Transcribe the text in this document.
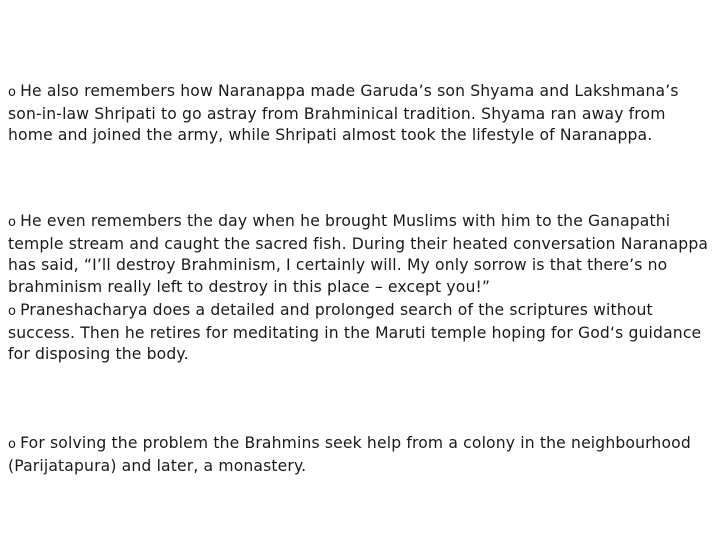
o He also remembers how Naranappa made Garuda’s son Shyama and Lakshmana’s son-in-law Shripati to go astray from Brahminical tradition. Shyama ran away from home and joined the army, while Shripati almost took the lifestyle of Naranappa.
o He even remembers the day when he brought Muslims with him to the Ganapathi temple stream and caught the sacred fish. During their heated conversation Naranappa has said, “I’ll destroy Brahminism, I certainly will. My only sorrow is that there’s no brahminism really left to destroy in this place – except you!”
o Praneshacharya does a detailed and prolonged search of the scriptures without success. Then he retires for meditating in the Maruti temple hoping for God‘s guidance for disposing the body.
o For solving the problem the Brahmins seek help from a colony in the neighbourhood (Parijatapura) and later, a monastery.
